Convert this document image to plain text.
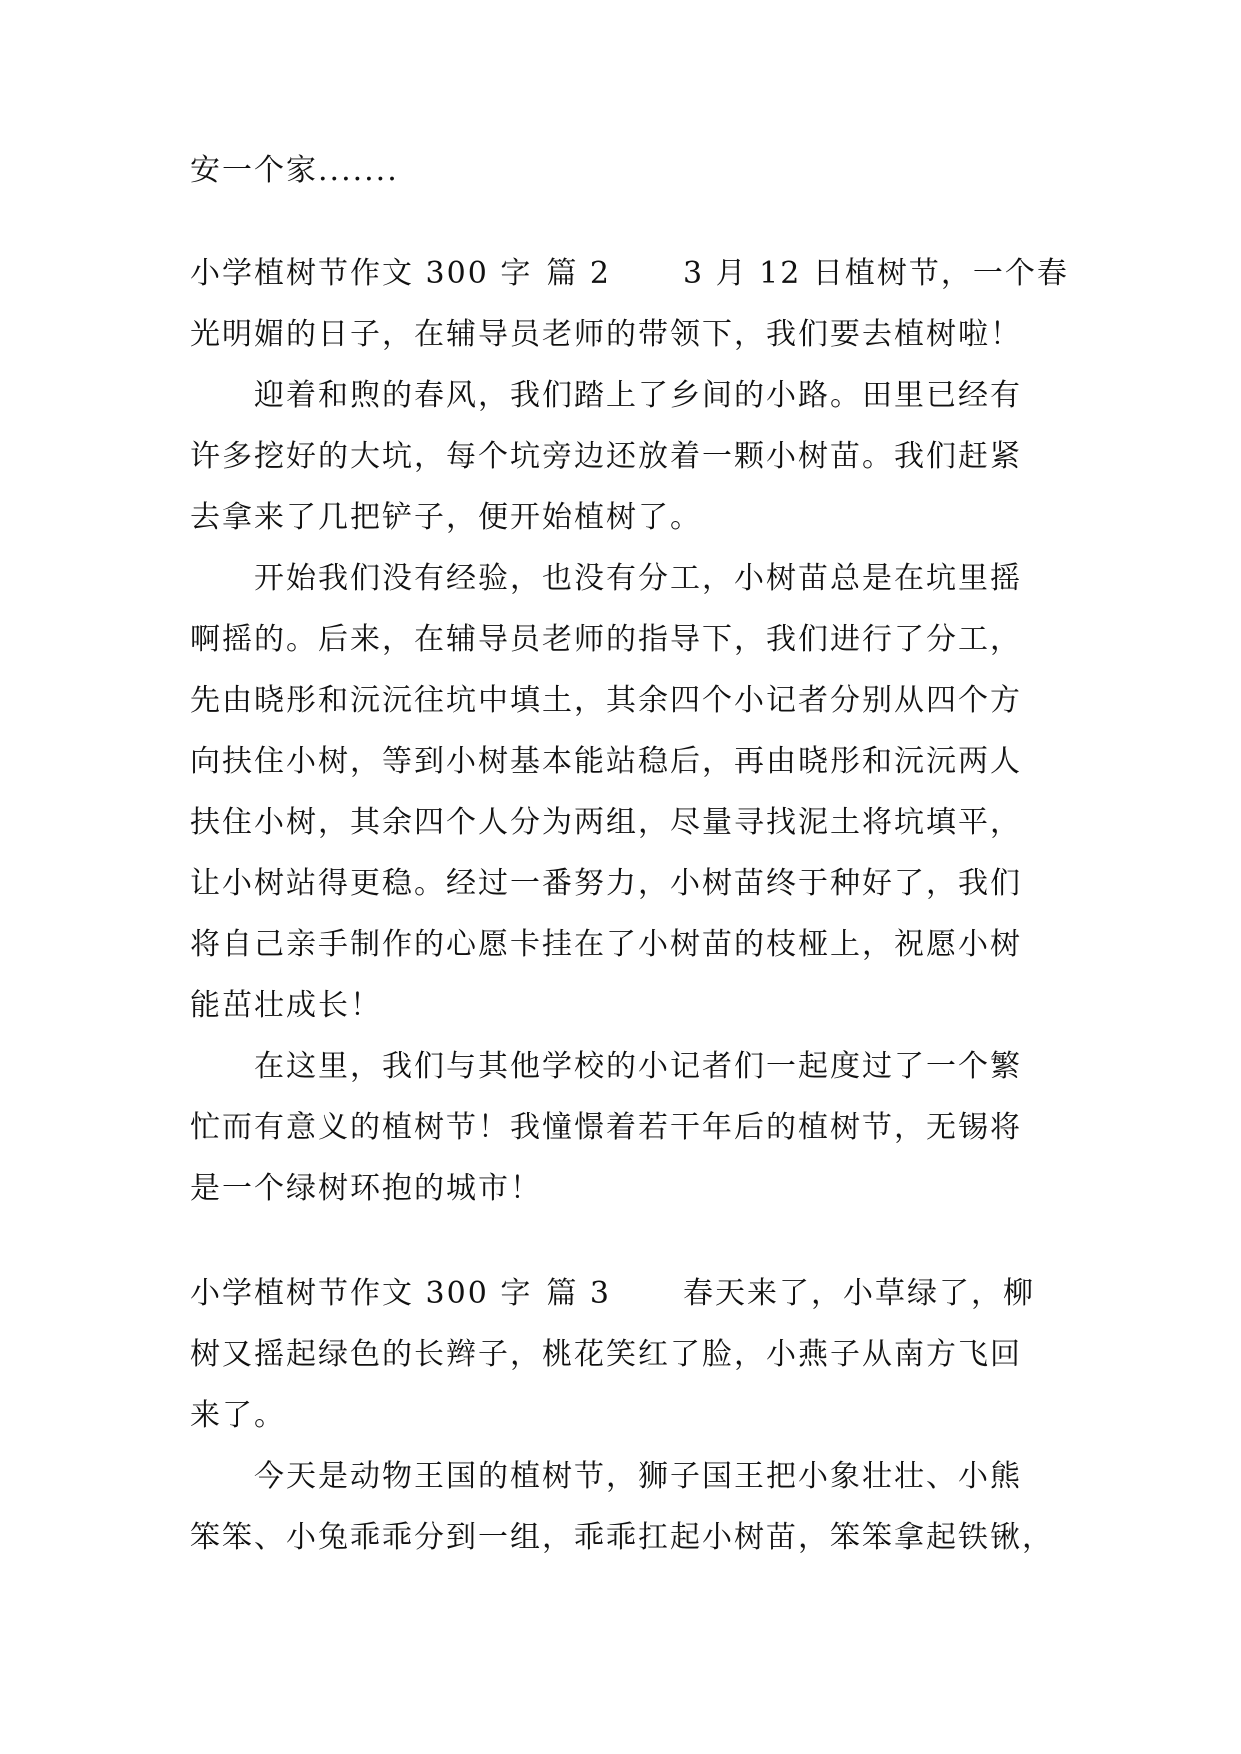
安一个家.......
小学植树节作文 300 字 篇 2 3 月 12 日植树节，一个春
光明媚的日子，在辅导员老师的带领下，我们要去植树啦！
迎着和煦的春风，我们踏上了乡间的小路。田里已经有
许多挖好的大坑，每个坑旁边还放着一颗小树苗。我们赶紧
去拿来了几把铲子，便开始植树了。
开始我们没有经验，也没有分工，小树苗总是在坑里摇
啊摇的。后来，在辅导员老师的指导下，我们进行了分工，
先由晓彤和沅沅往坑中填土，其余四个小记者分别从四个方
向扶住小树，等到小树基本能站稳后，再由晓彤和沅沅两人
扶住小树，其余四个人分为两组，尽量寻找泥土将坑填平，
让小树站得更稳。经过一番努力，小树苗终于种好了，我们
将自己亲手制作的心愿卡挂在了小树苗的枝桠上，祝愿小树
能茁壮成长！
在这里，我们与其他学校的小记者们一起度过了一个繁
忙而有意义的植树节！我憧憬着若干年后的植树节，无锡将
是一个绿树环抱的城市！
小学植树节作文 300 字 篇 3 春天来了，小草绿了，柳
树又摇起绿色的长辫子，桃花笑红了脸，小燕子从南方飞回
来了。
今天是动物王国的植树节，狮子国王把小象壮壮、小熊
笨笨、小兔乖乖分到一组，乖乖扛起小树苗，笨笨拿起铁锹，
